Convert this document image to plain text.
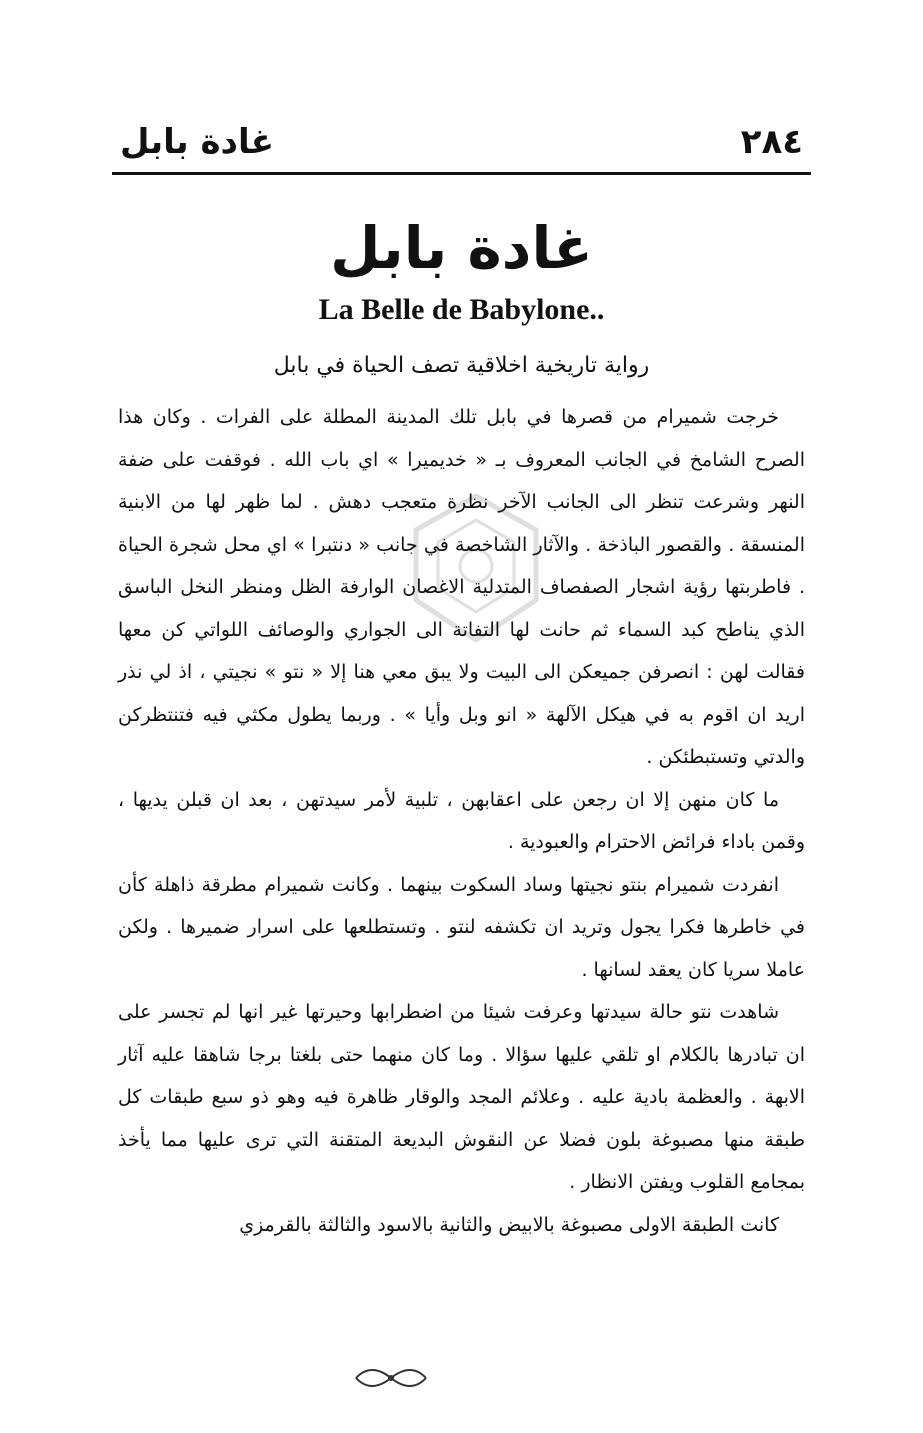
٢٨٤
غادة بابل
غادة بابل
La Belle de Babylone..
رواية تاريخية اخلاقية تصف الحياة في بابل

خرجت شميرام من قصرها في بابل تلك المدينة المطلة على الفرات . وكان هذا الصرح الشامخ في الجانب المعروف بـ « خديميرا » اي باب الله . فوقفت على ضفة النهر وشرعت تنظر الى الجانب الآخر نظرة متعجب دهش . لما ظهر لها من الابنية المنسقة . والقصور الباذخة . والآثار الشاخصة في جانب « دنتبرا » اي محل شجرة الحياة . فاطربتها رؤية اشجار الصفصاف المتدلية الاغصان الوارفة الظل ومنظر النخل الباسق الذي يناطح كبد السماء ثم حانت لها التفاتة الى الجواري والوصائف اللواتي كن معها فقالت لهن : انصرفن جميعكن الى البيت ولا يبق معي هنا إلا « نتو » نجيتي ، اذ لي نذر اريد ان اقوم به في هيكل الآلهة « انو وبل وأيا » . وربما يطول مكثي فيه فتنتظركن والدتي وتستبطئكن .

ما كان منهن إلا ان رجعن على اعقابهن ، تلبية لأمر سيدتهن ، بعد ان قبلن يديها ، وقمن باداء فرائض الاحترام والعبودية .

انفردت شميرام بنتو نجيتها وساد السكوت بينهما . وكانت شميرام مطرقة ذاهلة كأن في خاطرها فكرا يجول وتريد ان تكشفه لنتو . وتستطلعها على اسرار ضميرها . ولكن عاملا سريا كان يعقد لسانها .

شاهدت نتو حالة سيدتها وعرفت شيئا من اضطرابها وحيرتها غير انها لم تجسر على ان تبادرها بالكلام او تلقي عليها سؤالا . وما كان منهما حتى بلغتا برجا شاهقا عليه آثار الابهة . والعظمة بادية عليه . وعلائم المجد والوقار ظاهرة فيه وهو ذو سبع طبقات كل طبقة منها مصبوغة بلون فضلا عن النقوش البديعة المتقنة التي ترى عليها مما يأخذ بمجامع القلوب ويفتن الانظار .

كانت الطبقة الاولى مصبوغة بالابيض والثانية بالاسود والثالثة بالقرمزي
